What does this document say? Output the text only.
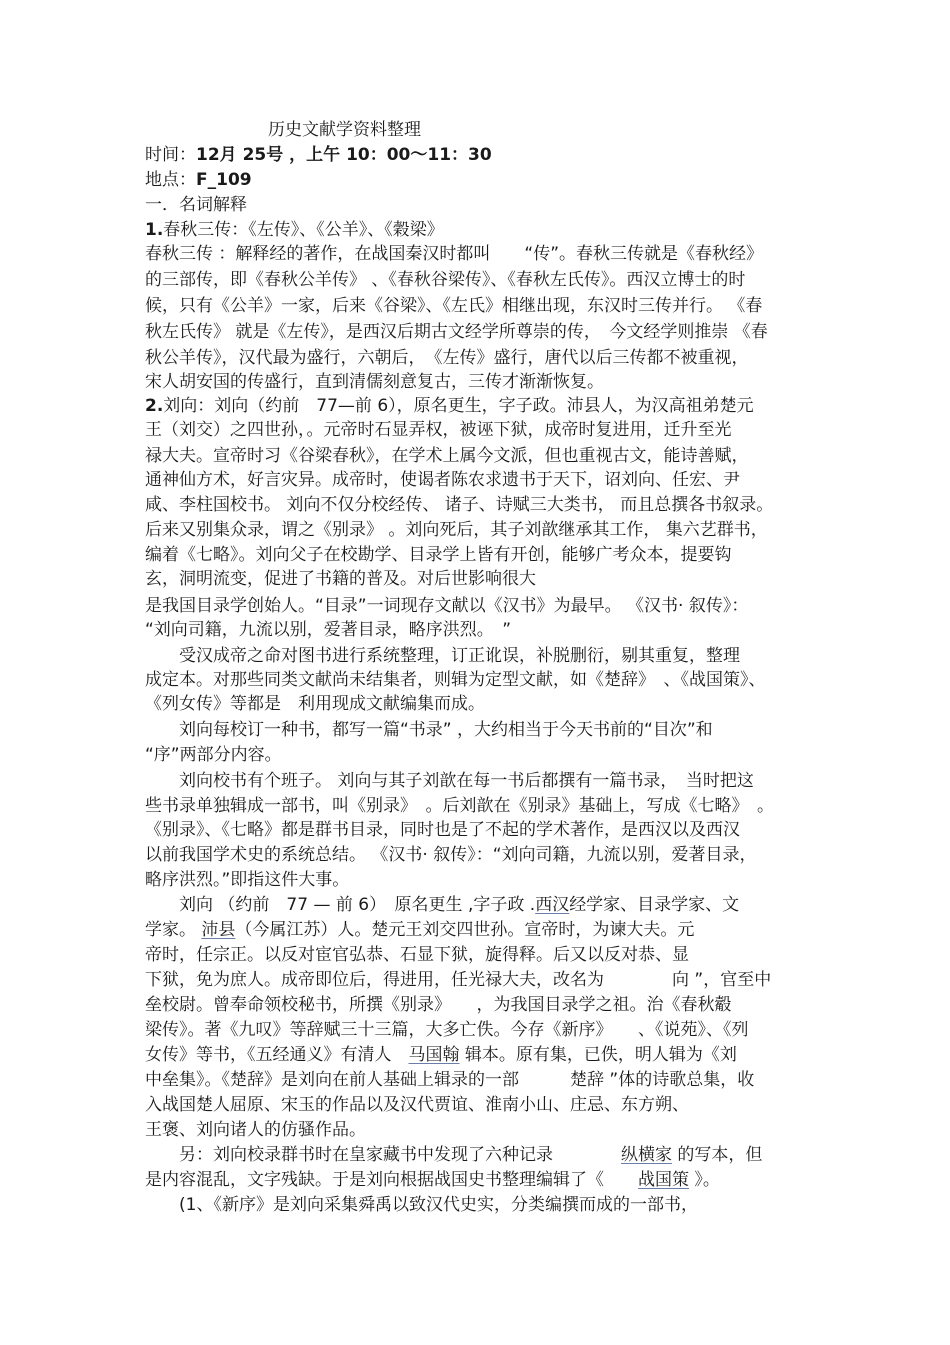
历史文献学资料整理
时间：12月 25号 ，上午 10：00～11：30
地点：F_109
一．名词解释
1.春秋三传：《左传》、《公羊》、《穀梁》
春秋三传 ：解释经的著作，在战国秦汉时都叫　　“传”。春秋三传就是《春秋经》
的三部传，即《春秋公羊传》 、《春秋谷梁传》、《春秋左氏传》。西汉立博士的时
候，只有《公羊》一家，后来《谷梁》、《左氏》相继出现，东汉时三传并行。 《春
秋左氏传》 就是《左传》，是西汉后期古文经学所尊崇的传，　今文经学则推崇 《春
秋公羊传》，汉代最为盛行，六朝后，　《左传》盛行，唐代以后三传都不被重视，
宋人胡安国的传盛行，直到清儒刻意复古，三传才渐渐恢复。
2.刘向：刘向（约前　77—前 6），原名更生，字子政。沛县人，为汉高祖弟楚元
王（刘交）之四世孙，。元帝时石显弄权，被诬下狱，成帝时复进用，迁升至光
禄大夫。宣帝时习《谷梁春秋》，在学术上属今文派，但也重视古文，能诗善赋，
通神仙方术，好言灾异。成帝时，使谒者陈农求遗书于天下，诏刘向、任宏、尹
咸、李柱国校书。 刘向不仅分校经传、 诸子、诗赋三大类书， 而且总撰各书叙录。
后来又别集众录，谓之《别录》 。刘向死后，其子刘歆继承其工作， 集六艺群书，
编着《七略》。刘向父子在校勘学、目录学上皆有开创，能够广考众本，提要钩
玄，洞明流变，促进了书籍的普及。对后世影响很大
是我国目录学创始人。“目录”一词现存文献以《汉书》为最早。 《汉书· 叙传》：
“刘向司籍，九流以别，爱著目录，略序洪烈。　”
　　受汉成帝之命对图书进行系统整理，订正讹误，补脱删衍，剔其重复，整理
成定本。对那些同类文献尚未结集者，则辑为定型文献，如《楚辞》　、《战国策》、
《列女传》等都是　利用现成文献编集而成。
　　刘向每校订一种书，都写一篇“书录” ，大约相当于今天书前的“目次”和
“序”两部分内容。
　　刘向校书有个班子。 刘向与其子刘歆在每一书后都撰有一篇书录，　当时把这
些书录单独辑成一部书，叫《别录》　。后刘歆在《别录》基础上，写成《七略》　。
《别录》、《七略》都是群书目录，同时也是了不起的学术著作，是西汉以及西汉
以前我国学术史的系统总结。 《汉书· 叙传》：“刘向司籍，九流以别，爱著目录，
略序洪烈。”即指这件大事。
　　刘向 （约前　77 — 前 6）　原名更生 ,字子政 .西汉经学家、目录学家、文
学家。 沛县（今属江苏）人。楚元王刘交四世孙。宣帝时，为谏大夫。元
帝时，任宗正。以反对宦官弘恭、石显下狱，旋得释。后又以反对恭、显
下狱，免为庶人。成帝即位后，得进用，任光禄大夫，改名为　　　　向 ”，官至中
垒校尉。曾奉命领校秘书，所撰《别录》　　，为我国目录学之祖。治《春秋觳
梁传》。著《九叹》等辞赋三十三篇，大多亡佚。今存《新序》　　、《说苑》、《列
女传》等书，《五经通义》有清人　马国翰 辑本。原有集，已佚，明人辑为《刘
中垒集》。《楚辞》是刘向在前人基础上辑录的一部　　　楚辞 ”体的诗歌总集，收
入战国楚人屈原、宋玉的作品以及汉代贾谊、淮南小山、庄忌、东方朔、
王褒、刘向诸人的仿骚作品。
　　另：刘向校录群书时在皇家藏书中发现了六种记录　　　　纵横家 的写本，但
是内容混乱，文字残缺。于是刘向根据战国史书整理编辑了《　　战国策 》。
　　(1、《新序》是刘向采集舜禹以致汉代史实，分类编撰而成的一部书，
